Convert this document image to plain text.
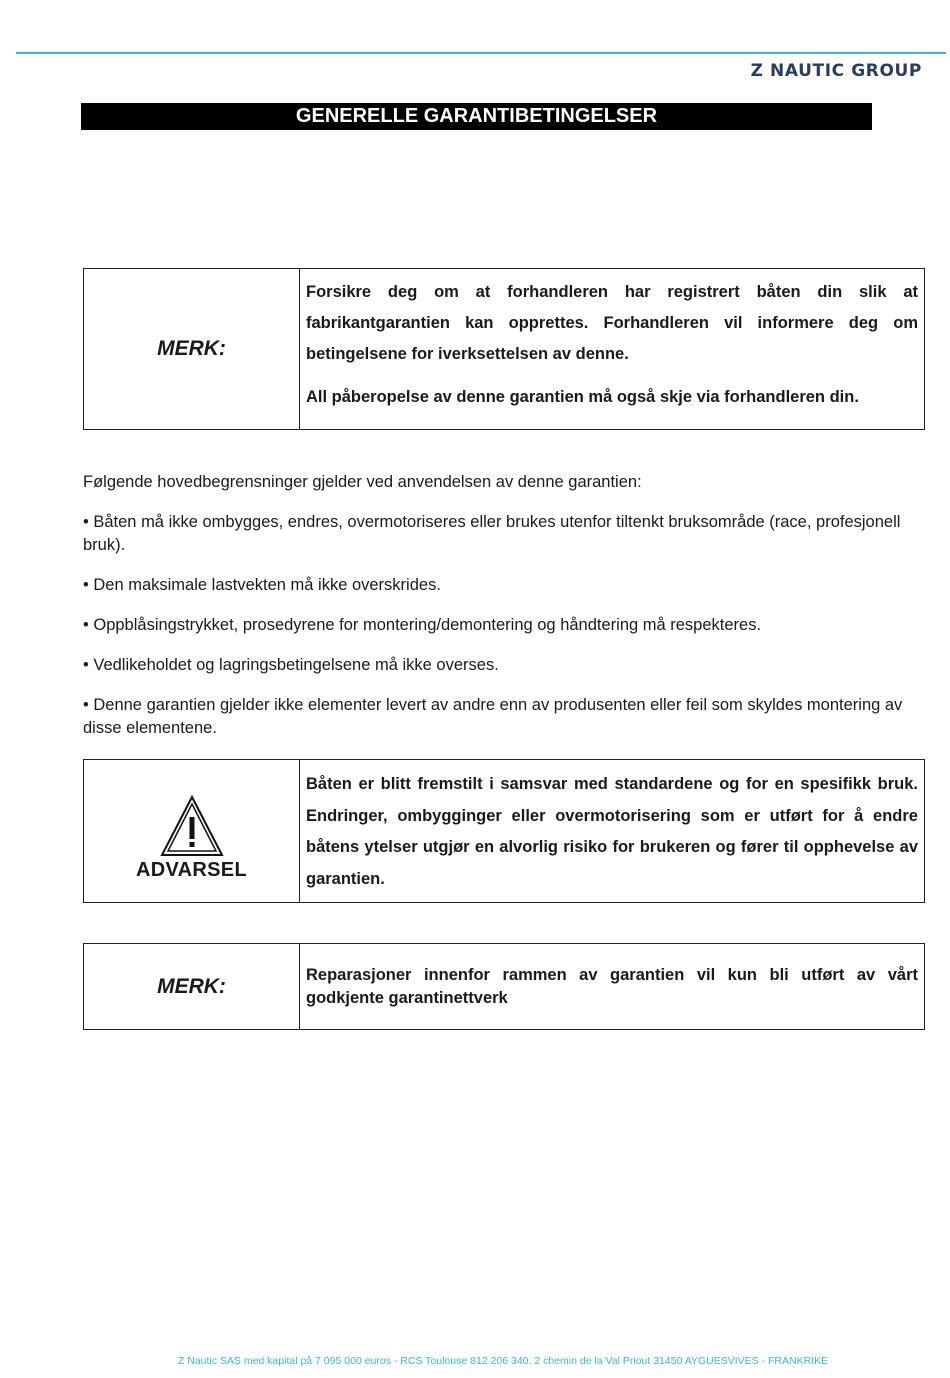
Z NAUTIC GROUP
GENERELLE GARANTIBETINGELSER
MERK:

Forsikre deg om at forhandleren har registrert båten din slik at fabrikantgarantien kan opprettes. Forhandleren vil informere deg om betingelsene for iverksettelsen av denne.

All påberopelse av denne garantien må også skje via forhandleren din.

Følgende hovedbegrensninger gjelder ved anvendelsen av denne garantien:
• Båten må ikke ombygges, endres, overmotoriseres eller brukes utenfor tiltenkt bruksområde (race, profesjonell bruk).
• Den maksimale lastvekten må ikke overskrides.
• Oppblåsingstrykket, prosedyrene for montering/demontering og håndtering må respekteres.
• Vedlikeholdet og lagringsbetingelsene må ikke overses.
• Denne garantien gjelder ikke elementer levert av andre enn av produsenten eller feil som skyldes montering av disse elementene.
ADVARSEL

Båten er blitt fremstilt i samsvar med standardene og for en spesifikk bruk. Endringer, ombygginger eller overmotorisering som er utført for å endre båtens ytelser utgjør en alvorlig risiko for brukeren og fører til opphevelse av garantien.

MERK:	Reparasjoner innenfor rammen av garantien vil kun bli utført av vårt godkjente garantinettverk

Z Nautic SAS med kapital på 7 095 000 euros - RCS Toulouse 812 206 340. 2 chemin de la Val Priout 31450 AYGUESVIVES - FRANKRIKE
